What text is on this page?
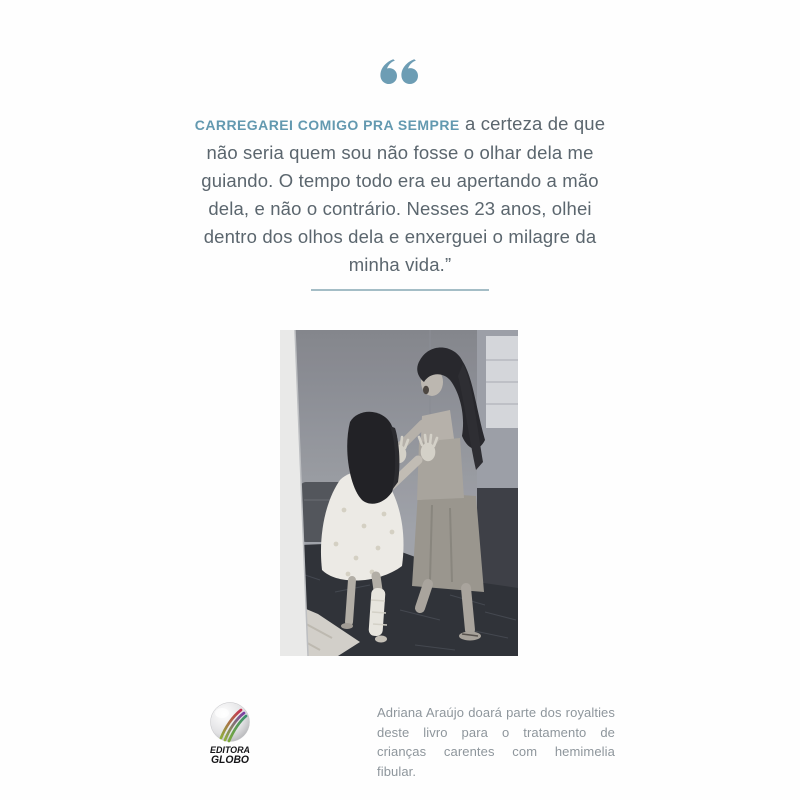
CARREGAREI COMIGO PRA SEMPRE a certeza de que não seria quem sou não fosse o olhar dela me guiando. O tempo todo era eu apertando a mão dela, e não o contrário. Nesses 23 anos, olhei dentro dos olhos dela e enxerguei o milagre da minha vida.”

EDITORA
GLOBO

Adriana Araújo doará parte dos royalties deste livro para o tratamento de crianças carentes com hemimelia fibular.
